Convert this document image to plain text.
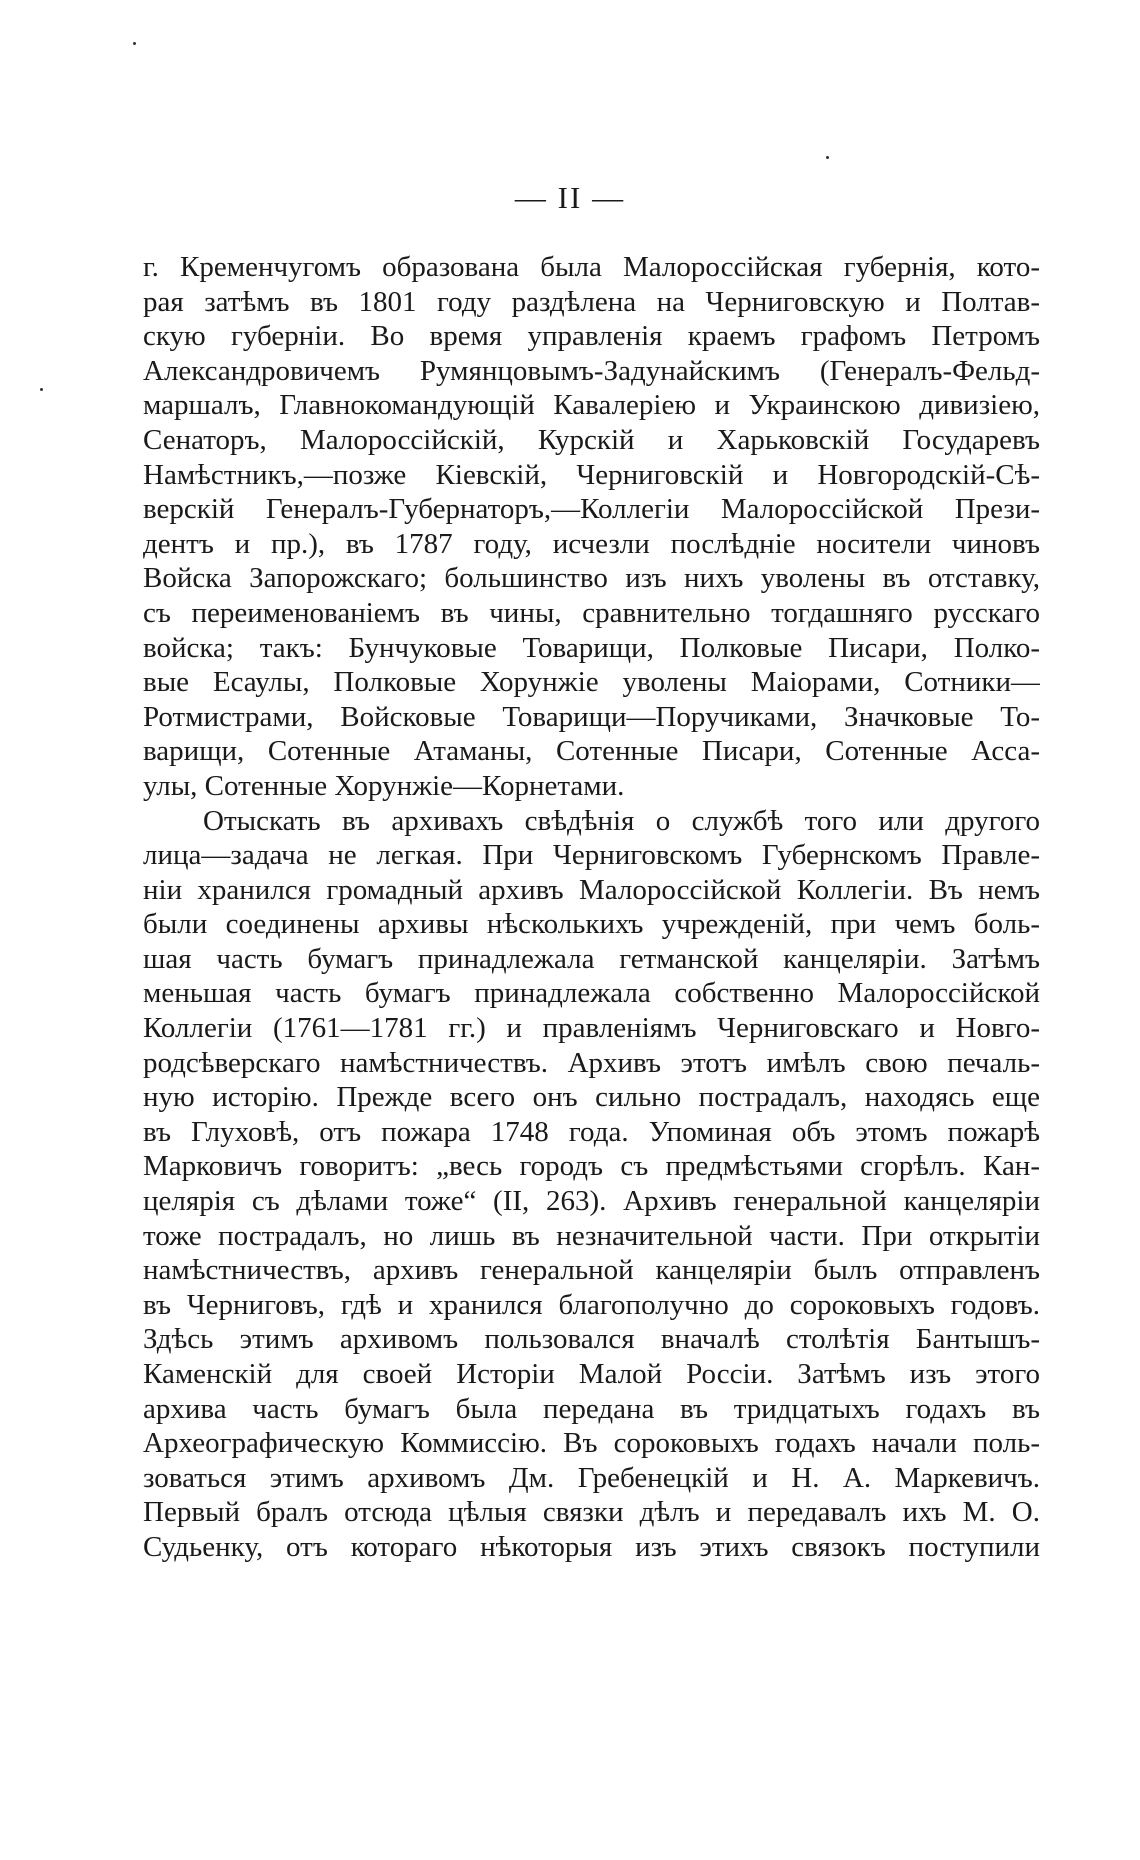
— II —
г. Кременчугомъ образована была Малороссійская губернія, кото-
рая затѣмъ въ 1801 году раздѣлена на Черниговскую и Полтав-
скую губерніи. Во время управленія краемъ графомъ Петромъ
Александровичемъ Румянцовымъ-Задунайскимъ (Генералъ-Фельд-
маршалъ, Главнокомандующій Кавалеріею и Украинскою дивизіею,
Сенаторъ, Малороссійскій, Курскій и Харьковскій Государевъ
Намѣстникъ,—позже Кіевскій, Черниговскій и Новгородскій-Сѣ-
верскій Генералъ-Губернаторъ,—Коллегіи Малороссійской Прези-
дентъ и пр.), въ 1787 году, исчезли послѣдніе носители чиновъ
Войска Запорожскаго; большинство изъ нихъ уволены въ отставку,
съ переименованіемъ въ чины, сравнительно тогдашняго русскаго
войска; такъ: Бунчуковые Товарищи, Полковые Писари, Полко-
вые Есаулы, Полковые Хорунжіе уволены Маіорами, Сотники—
Ротмистрами, Войсковые Товарищи—Поручиками, Значковые То-
варищи, Сотенные Атаманы, Сотенные Писари, Сотенные Асса-
улы, Сотенные Хорунжіе—Корнетами.
Отыскать въ архивахъ свѣдѣнія о службѣ того или другого
лица—задача не легкая. При Черниговскомъ Губернскомъ Правле-
ніи хранился громадный архивъ Малороссійской Коллегіи. Въ немъ
были соединены архивы нѣсколькихъ учрежденій, при чемъ боль-
шая часть бумагъ принадлежала гетманской канцеляріи. Затѣмъ
меньшая часть бумагъ принадлежала собственно Малороссійской
Коллегіи (1761—1781 гг.) и правленіямъ Черниговскаго и Новго-
родсѣверскаго намѣстничествъ. Архивъ этотъ имѣлъ свою печаль-
ную исторію. Прежде всего онъ сильно пострадалъ, находясь еще
въ Глуховѣ, отъ пожара 1748 года. Упоминая объ этомъ пожарѣ
Марковичъ говоритъ: „весь городъ съ предмѣстьями сгорѣлъ. Кан-
целярія съ дѣлами тоже“ (II, 263). Архивъ генеральной канцеляріи
тоже пострадалъ, но лишь въ незначительной части. При открытіи
намѣстничествъ, архивъ генеральной канцеляріи былъ отправленъ
въ Черниговъ, гдѣ и хранился благополучно до сороковыхъ годовъ.
Здѣсь этимъ архивомъ пользовался вначалѣ столѣтія Бантышъ-
Каменскій для своей Исторіи Малой Россіи. Затѣмъ изъ этого
архива часть бумагъ была передана въ тридцатыхъ годахъ въ
Археографическую Коммиссію. Въ сороковыхъ годахъ начали поль-
зоваться этимъ архивомъ Дм. Гребенецкій и Н. А. Маркевичъ.
Первый бралъ отсюда цѣлыя связки дѣлъ и передавалъ ихъ М. О.
Судьенку, отъ котораго нѣкоторыя изъ этихъ связокъ поступили
